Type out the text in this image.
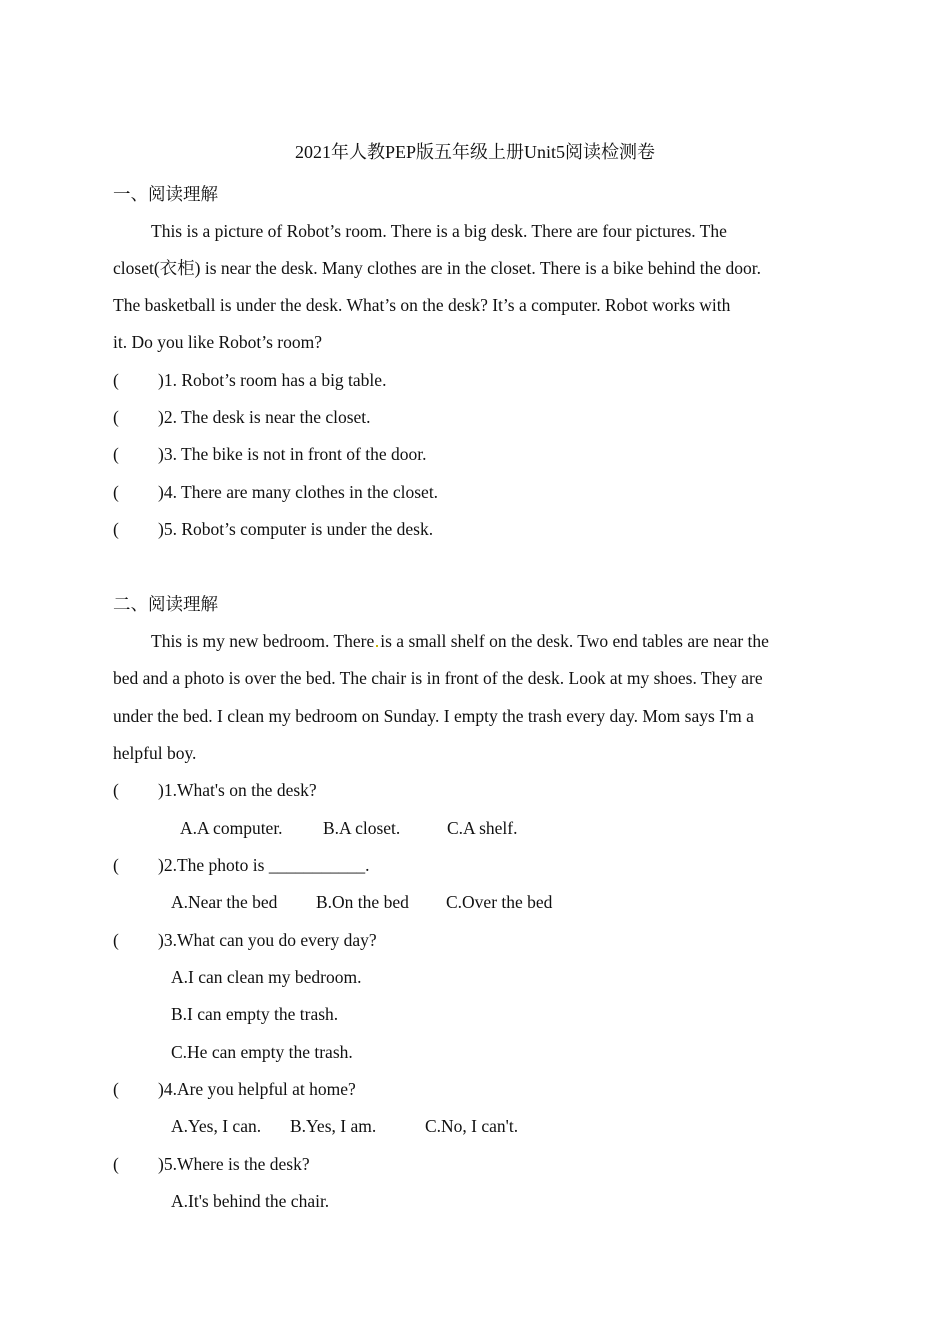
2021年人教PEP版五年级上册Unit5阅读检测卷
一、阅读理解
This is a picture of Robot’s room. There is a big desk. There are four pictures. The
closet(衣柜) is near the desk. Many clothes are in the closet. There is a bike behind the door.
The basketball is under the desk. What’s on the desk? It’s a computer. Robot works with
it. Do you like Robot’s room?
( )1. Robot’s room has a big table.
( )2. The desk is near the closet.
( )3. The bike is not in front of the door.
( )4. There are many clothes in the closet.
( )5. Robot’s computer is under the desk.
二、阅读理解
This is my new bedroom. There is a small shelf on the desk. Two end tables are near the
bed and a photo is over the bed. The chair is in front of the desk. Look at my shoes. They are
under the bed. I clean my bedroom on Sunday. I empty the trash every day. Mom says I'm a
helpful boy.
( )1.What's on the desk?
A.A computer. B.A closet.	C.A shelf.
( )2.The photo is ___________.
A.Near the bed B.On the bed C.Over the bed
( )3.What can you do every day?
A.I can clean my bedroom.
B.I can empty the trash.
C.He can empty the trash.
( )4.Are you helpful at home?
A.Yes, I can. B.Yes, I am.	C.No, I can't.
( )5.Where is the desk?
A.It's behind the chair.
